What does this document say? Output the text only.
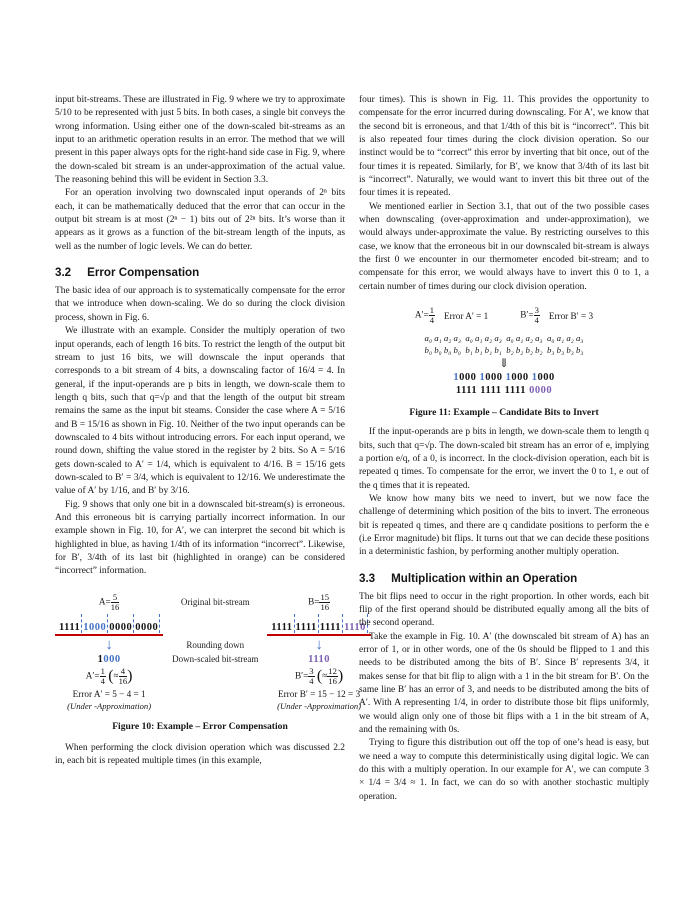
input bit-streams. These are illustrated in Fig. 9 where we try to approximate 5/10 to be represented with just 5 bits. In both cases, a single bit conveys the wrong information. Using either one of the down-scaled bit-streams as an input to an arithmetic operation results in an error. The method that we will present in this paper always opts for the right-hand side case in Fig. 9, where the down-scaled bit stream is an under-approximation of the actual value. The reasoning behind this will be evident in Section 3.3.

For an operation involving two downscaled input operands of 2ⁿ bits each, it can be mathematically deduced that the error that can occur in the output bit stream is at most (2ⁿ − 1) bits out of 2²ⁿ bits. It’s worse than it appears as it grows as a function of the bit-stream length of the inputs, as well as the number of logic levels. We can do better.

3.2 Error Compensation

The basic idea of our approach is to systematically compensate for the error that we introduce when down-scaling. We do so during the clock division process, shown in Fig. 6.

We illustrate with an example. Consider the multiply operation of two input operands, each of length 16 bits. To restrict the length of the output bit stream to just 16 bits, we will downscale the input operands that corresponds to a bit stream of 4 bits, a downscaling factor of 16/4 = 4. In general, if the input-operands are p bits in length, we down-scale them to length q bits, such that q=√p and that the length of the output bit stream remains the same as the input bit steams. Consider the case where A = 5/16 and B = 15/16 as shown in Fig. 10. Neither of the two input operands can be downscaled to 4 bits without introducing errors. For each input operand, we round down, shifting the value stored in the register by 2 bits. So A = 5/16 gets down-scaled to A′ = 1/4, which is equivalent to 4/16. B = 15/16 gets down-scaled to B′ = 3/4, which is equivalent to 12/16. We underestimate the value of A′ by 1/16, and B′ by 3/16.

Fig. 9 shows that only one bit in a downscaled bit-stream(s) is erroneous. And this erroneous bit is carrying partially incorrect information. In our example shown in Fig. 10, for A′, we can interpret the second bit which is highlighted in blue, as having 1/4th of its information “incorrect”. Likewise, for B′, 3/4th of its last bit (highlighted in orange) can be considered “incorrect” information.

$A= \frac{5}{16}$	Original bit-stream	$B= \frac{15}{16}$
1111 1000 0000 0000	1111 1111 1111 1110
↓	Rounding down	↓
1000	Down-scaled bit-stream	1110
$A'= \frac{1}{4}$ (≈ $\frac{4}{16}$ )	$B'= \frac{3}{4}$ (≈ $\frac{12}{16}$ )
Error A′ = 5 − 4 = 1	Error B′ = 15 − 12 = 3
(Under -Approximation)	(Under -Approximation)
Figure 10: Example – Error Compensation

When performing the clock division operation which was discussed 2.2 in, each bit is repeated multiple times (in this example,

four times). This is shown in Fig. 11. This provides the opportunity to compensate for the error incurred during downscaling. For A′, we know that the second bit is erroneous, and that 1/4th of this bit is “incorrect”. This bit is also repeated four times during the clock division operation. So our instinct would be to “correct” this error by inverting that bit once, out of the four times it is repeated. Similarly, for B′, we know that 3/4th of its last bit is “incorrect”. Naturally, we would want to invert this bit three out of the four times it is repeated.

We mentioned earlier in Section 3.1, that out of the two possible cases when downscaling (over-approximation and under-approximation), we would always under-approximate the value. By restricting ourselves to this case, we know that the erroneous bit in our downscaled bit-stream is always the first 0 we encounter in our thermometer encoded bit-stream; and to compensate for this error, we would always have to invert this 0 to 1, a certain number of times during our clock division operation.

$A'= \frac{1}{4}$ Error A′ = 1	$B'= \frac{3}{4}$ Error B′ = 3
a₀ a₁ a₂ a₃  a₀ a₁ a₂ a₃  a₀ a₁ a₂ a₃  a₀ a₁ a₂ a₃
b₀ b₀ b₀ b₀  b₁ b₁ b₁ b₁  b₂ b₂ b₂ b₂  b₃ b₃ b₃ b₃
⇓
1000 1000 1000 1000
1111 1111 1111 0000
Figure 11: Example – Candidate Bits to Invert

If the input-operands are p bits in length, we down-scale them to length q bits, such that q=√p. The down-scaled bit stream has an error of e, implying a portion e/q, of a 0, is incorrect. In the clock-division operation, each bit is repeated q times. To compensate for the error, we invert the 0 to 1, e out of the q times that it is repeated.

We know how many bits we need to invert, but we now face the challenge of determining which position of the bits to invert. The erroneous bit is repeated q times, and there are q candidate positions to perform the e (i.e Error magnitude) bit flips. It turns out that we can decide these positions in a deterministic fashion, by performing another multiply operation.

3.3 Multiplication within an Operation

The bit flips need to occur in the right proportion. In other words, each bit flip of the first operand should be distributed equally among all the bits of the second operand.

Take the example in Fig. 10. A′ (the downscaled bit stream of A) has an error of 1, or in other words, one of the 0s should be flipped to 1 and this needs to be distributed among the bits of B′. Since B′ represents 3/4, it makes sense for that bit flip to align with a 1 in the bit stream for B′. On the same line B′ has an error of 3, and needs to be distributed among the bits of A′. With A representing 1/4, in order to distribute those bit flips uniformly, we would align only one of those bit flips with a 1 in the bit stream of A, and the remaining with 0s.

Trying to figure this distribution out off the top of one’s head is easy, but we need a way to compute this deterministically using digital logic. We can do this with a multiply operation. In our example for A′, we can compute 3 × 1/4 = 3/4 ≈ 1. In fact, we can do so with another stochastic multiply operation.
